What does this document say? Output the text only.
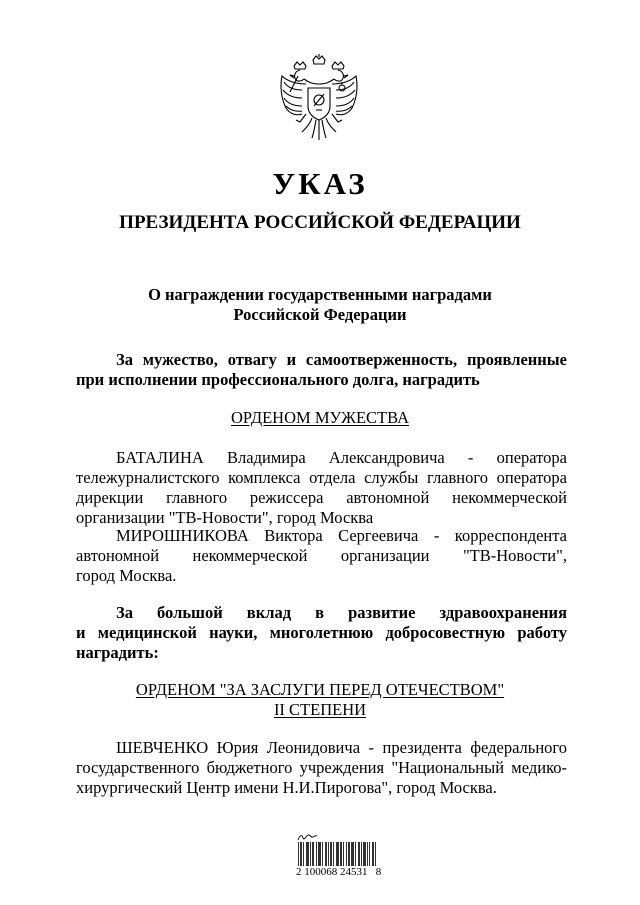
УКАЗ
ПРЕЗИДЕНТА РОССИЙСКОЙ ФЕДЕРАЦИИ
О награждении государственными наградами
Российской Федерации
За мужество, отвагу и самоотверженность, проявленные
при исполнении профессионального долга, наградить
ОРДЕНОМ МУЖЕСТВА
БАТАЛИНА Владимира Александровича - оператора
тележурналистского комплекса отдела службы главного оператора
дирекции главного режиссера автономной некоммерческой
организации "ТВ-Новости", город Москва
МИРОШНИКОВА Виктора Сергеевича - корреспондента
автономной некоммерческой организации "ТВ-Новости",
город Москва.
За большой вклад в развитие здравоохранения
и медицинской науки, многолетнюю добросовестную работу
наградить:
ОРДЕНОМ "ЗА ЗАСЛУГИ ПЕРЕД ОТЕЧЕСТВОМ"
II СТЕПЕНИ
ШЕВЧЕНКО Юрия Леонидовича - президента федерального
государственного бюджетного учреждения "Национальный медико-
хирургический Центр имени Н.И.Пирогова", город Москва.
2 100068 24531   8
